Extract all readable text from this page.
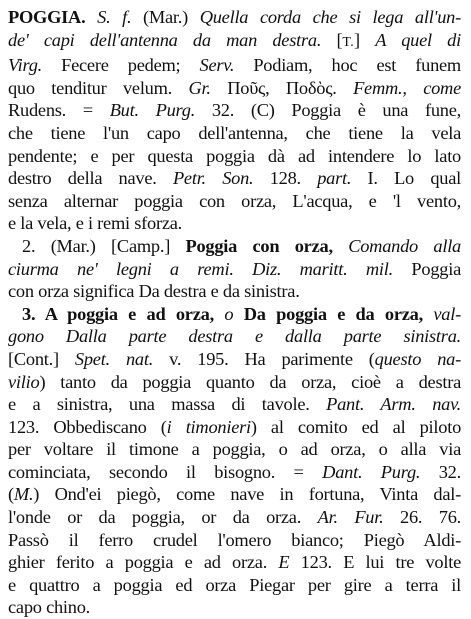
POGGIA. S. f. (Mar.) Quella corda che si lega all'un-
de' capi dell'antenna da man destra. [T.] A quel di
Virg. Fecere pedem; Serv. Podiam, hoc est funem
quo tenditur velum. Gr. Ποῦς, Ποδὸς. Femm., come
Rudens. = But. Purg. 32. (C) Poggia è una fune,
che tiene l'un capo dell'antenna, che tiene la vela
pendente; e per questa poggia dà ad intendere lo lato
destro della nave. Petr. Son. 128. part. I. Lo qual
senza alternar poggia con orza, L'acqua, e 'l vento,
e la vela, e i remi sforza.
2. (Mar.) [Camp.] Poggia con orza, Comando alla
ciurma ne' legni a remi. Diz. maritt. mil. Poggia
con orza significa Da destra e da sinistra.
3. A poggia e ad orza, o Da poggia e da orza, val-
gono Dalla parte destra e dalla parte sinistra.
[Cont.] Spet. nat. v. 195. Ha parimente (questo na-
vilio) tanto da poggia quanto da orza, cioè a destra
e a sinistra, una massa di tavole. Pant. Arm. nav.
123. Obbediscano (i timonieri) al comito ed al piloto
per voltare il timone a poggia, o ad orza, o alla via
cominciata, secondo il bisogno. = Dant. Purg. 32.
(M.) Ond'ei piegò, come nave in fortuna, Vinta dal-
l'onde or da poggia, or da orza. Ar. Fur. 26. 76.
Passò il ferro crudel l'omero bianco; Piegò Aldi-
ghier ferito a poggia e ad orza. E 123. E lui tre volte
e quattro a poggia ed orza Piegar per gire a terra il
capo chino.
